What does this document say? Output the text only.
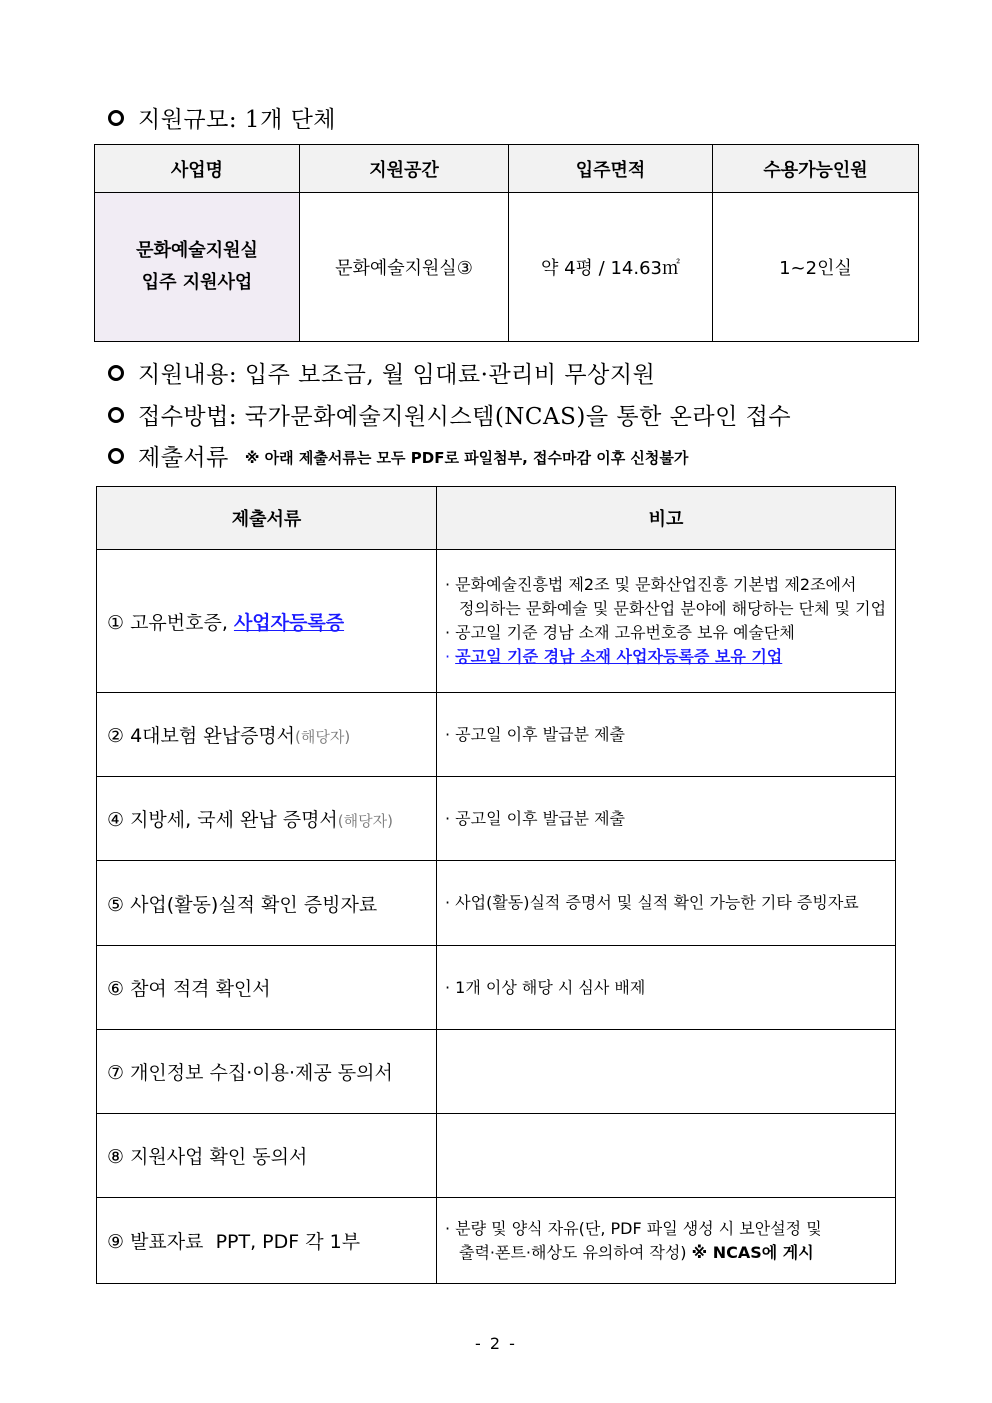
지원규모: 1개 단체
사업명	지원공간	입주면적	수용가능인원

문화예술지원실
입주 지원사업	문화예술지원실③	약 4평 / 14.63㎡	1~2인실
지원내용: 입주 보조금, 월 임대료·관리비 무상지원
접수방법: 국가문화예술지원시스템(NCAS)을 통한 온라인 접수
제출서류 ※ 아래 제출서류는 모두 PDF로 파일첨부, 접수마감 이후 신청불가
제출서류	비고
① 고유번호증, 사업자등록증	· 문화예술진흥법 제2조 및 문화산업진흥 기본법 제2조에서
정의하는 문화예술 및 문화산업 분야에 해당하는 단체 및 기업
· 공고일 기준 경남 소재 고유번호증 보유 예술단체
· 공고일 기준 경남 소재 사업자등록증 보유 기업

② 4대보험 완납증명서(해당자)	· 공고일 이후 발급분 제출
④ 지방세, 국세 완납 증명서(해당자)	· 공고일 이후 발급분 제출
⑤ 사업(활동)실적 확인 증빙자료	· 사업(활동)실적 증명서 및 실적 확인 가능한 기타 증빙자료
⑥ 참여 적격 확인서	· 1개 이상 해당 시 심사 배제
⑦ 개인정보 수집·이용·제공 동의서	
⑧ 지원사업 확인 동의서	
⑨ 발표자료  PPT, PDF 각 1부	· 분량 및 양식 자유(단, PDF 파일 생성 시 보안설정 및
출력·폰트·해상도 유의하여 작성) ※ NCAS에 게시
- 2 -
